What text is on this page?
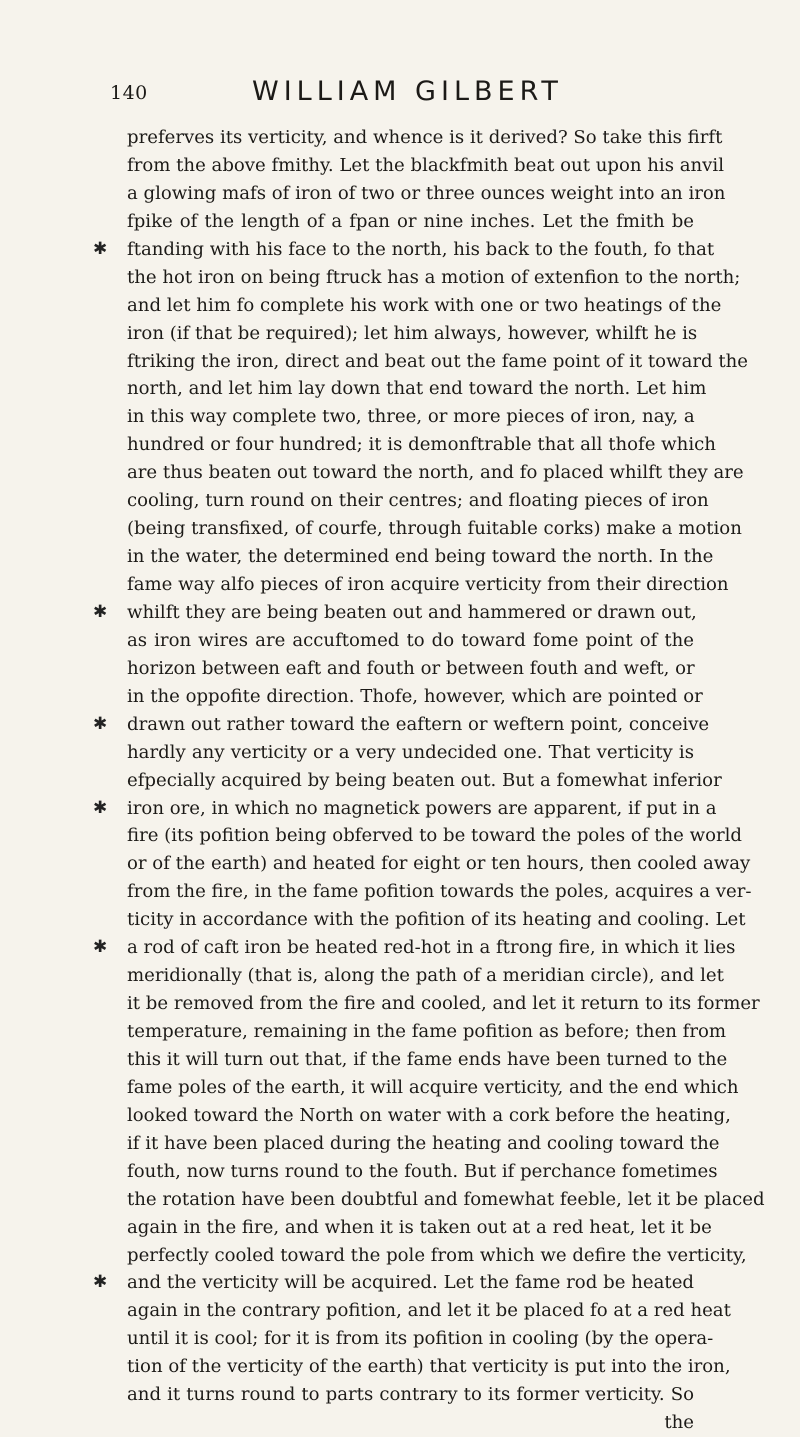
140	WILLIAM GILBERT
preferves its verticity, and whence is it derived? So take this firft
from the above fmithy. Let the blackfmith beat out upon his anvil
a glowing mafs of iron of two or three ounces weight into an iron
fpike of the length of a fpan or nine inches. Let the fmith be
✱ ftanding with his face to the north, his back to the fouth, fo that
the hot iron on being ftruck has a motion of extenfion to the north;
and let him fo complete his work with one or two heatings of the
iron (if that be required); let him always, however, whilft he is
ftriking the iron, direct and beat out the fame point of it toward the
north, and let him lay down that end toward the north. Let him
in this way complete two, three, or more pieces of iron, nay, a
hundred or four hundred; it is demonftrable that all thofe which
are thus beaten out toward the north, and fo placed whilft they are
cooling, turn round on their centres; and floating pieces of iron
(being transfixed, of courfe, through fuitable corks) make a motion
in the water, the determined end being toward the north. In the
fame way alfo pieces of iron acquire verticity from their direction
✱ whilft they are being beaten out and hammered or drawn out,
as iron wires are accuftomed to do toward fome point of the
horizon between eaft and fouth or between fouth and weft, or
in the oppofite direction. Thofe, however, which are pointed or
✱ drawn out rather toward the eaftern or weftern point, conceive
hardly any verticity or a very undecided one. That verticity is
efpecially acquired by being beaten out. But a fomewhat inferior
✱ iron ore, in which no magnetick powers are apparent, if put in a
fire (its pofition being obferved to be toward the poles of the world
or of the earth) and heated for eight or ten hours, then cooled away
from the fire, in the fame pofition towards the poles, acquires a ver-
ticity in accordance with the pofition of its heating and cooling. Let
✱ a rod of caft iron be heated red-hot in a ftrong fire, in which it lies
meridionally (that is, along the path of a meridian circle), and let
it be removed from the fire and cooled, and let it return to its former
temperature, remaining in the fame pofition as before; then from
this it will turn out that, if the fame ends have been turned to the
fame poles of the earth, it will acquire verticity, and the end which
looked toward the North on water with a cork before the heating,
if it have been placed during the heating and cooling toward the
fouth, now turns round to the fouth. But if perchance fometimes
the rotation have been doubtful and fomewhat feeble, let it be placed
again in the fire, and when it is taken out at a red heat, let it be
perfectly cooled toward the pole from which we defire the verticity,
✱ and the verticity will be acquired. Let the fame rod be heated
again in the contrary pofition, and let it be placed fo at a red heat
until it is cool; for it is from its pofition in cooling (by the opera-
tion of the verticity of the earth) that verticity is put into the iron,
and it turns round to parts contrary to its former verticity. So
the
